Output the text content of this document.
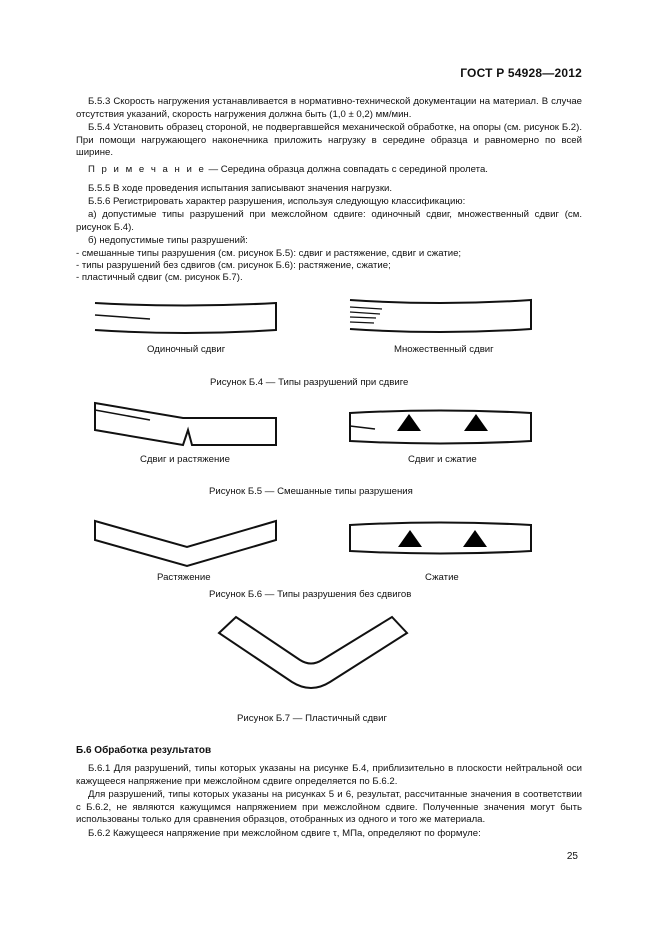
ГОСТ Р 54928—2012

Б.5.3 Скорость нагружения устанавливается в нормативно-технической документации на материал. В случае отсутствия указаний, скорость нагружения должна быть (1,0 ± 0,2) мм/мин.

Б.5.4 Установить образец стороной, не подвергавшейся механической обработке, на опоры (см. рисунок Б.2). При помощи нагружающего наконечника приложить нагрузку в середине образца и равномерно по всей ширине.

П р и м е ч а н и е — Середина образца должна совпадать с серединой пролета.

Б.5.5 В ходе проведения испытания записывают значения нагрузки.

Б.5.6 Регистрировать характер разрушения, используя следующую классификацию:

а) допустимые типы разрушений при межслойном сдвиге: одиночный сдвиг, множественный сдвиг (см. рисунок Б.4).

б) недопустимые типы разрушений:

- смешанные типы разрушения (см. рисунок Б.5): сдвиг и растяжение, сдвиг и сжатие;

- типы разрушений без сдвигов (см. рисунок Б.6): растяжение, сжатие;

- пластичный сдвиг (см. рисунок Б.7).

Одиночный сдвиг	Множественный сдвиг
Рисунок Б.4 — Типы разрушений при сдвиге
Сдвиг и растяжение	Сдвиг и сжатие
Рисунок Б.5 — Смешанные типы разрушения
Растяжение	Сжатие
Рисунок Б.6 — Типы разрушения без сдвигов
Рисунок Б.7 — Пластичный сдвиг
Б.6 Обработка результатов

Б.6.1 Для разрушений, типы которых указаны на рисунке Б.4, приблизительно в плоскости нейтральной оси кажущееся напряжение при межслойном сдвиге определяется по Б.6.2.

Для разрушений, типы которых указаны на рисунках 5 и 6, результат, рассчитанные значения в соответствии с Б.6.2, не являются кажущимся напряжением при межслойном сдвиге. Полученные значения могут быть использованы только для сравнения образцов, отобранных из одного и того же материала.

Б.6.2 Кажущееся напряжение при межслойном сдвиге τ, МПа, определяют по формуле:

25
